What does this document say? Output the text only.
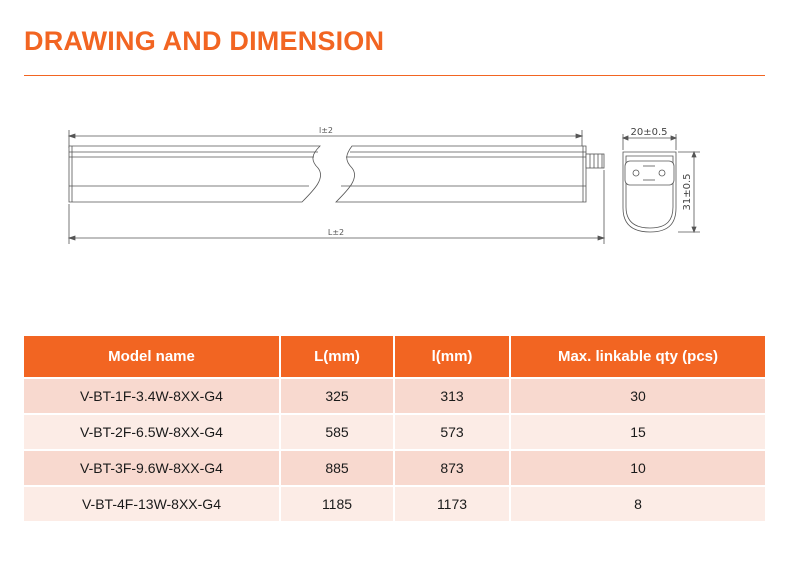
DRAWING AND DIMENSION
l±2
L±2
20±0.5
31±0.5
Model name	L(mm)	l(mm)	Max. linkable qty (pcs)
V-BT-1F-3.4W-8XX-G4	325	313	30
V-BT-2F-6.5W-8XX-G4	585	573	15
V-BT-3F-9.6W-8XX-G4	885	873	10
V-BT-4F-13W-8XX-G4	1185	1173	8
